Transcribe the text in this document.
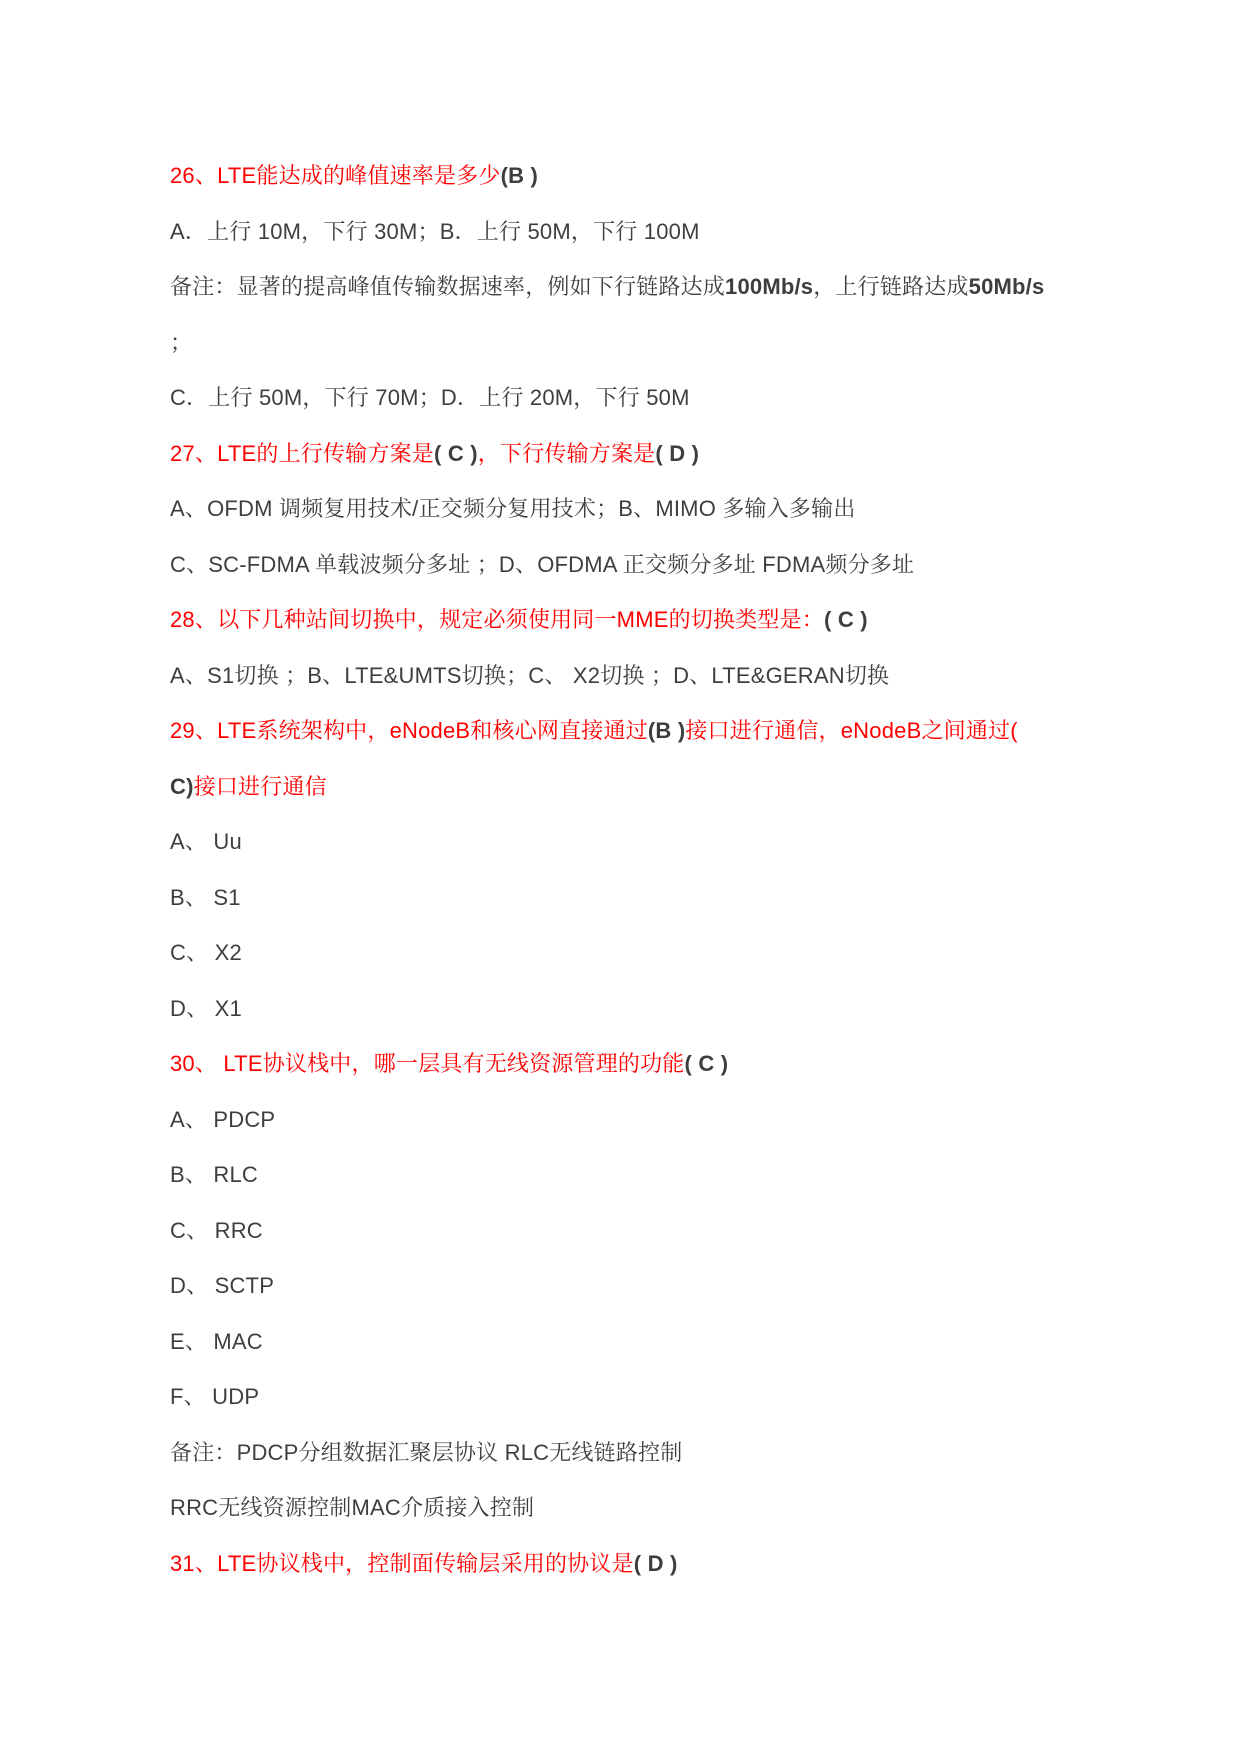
26、LTE能达成的峰值速率是多少(B )
A．上行 10M，下行 30M；B．上行 50M，下行 100M
备注：显著的提高峰值传输数据速率，例如下行链路达成100Mb/s，上行链路达成50Mb/s
；
C．上行 50M，下行 70M；D．上行 20M，下行 50M
27、LTE的上行传输方案是( C )，下行传输方案是( D )
A、OFDM 调频复用技术/正交频分复用技术；B、MIMO 多输入多输出
C、SC-FDMA 单载波频分多址 ；D、OFDMA 正交频分多址 FDMA频分多址
28、以下几种站间切换中，规定必须使用同一MME的切换类型是：( C )
A、S1切换 ；B、LTE&UMTS切换；C、 X2切换 ；D、LTE&GERAN切换
29、LTE系统架构中，eNodeB和核心网直接通过(B )接口进行通信，eNodeB之间通过(
C)接口进行通信
A、 Uu
B、 S1
C、 X2
D、 X1
30、 LTE协议栈中，哪一层具有无线资源管理的功能( C )
A、 PDCP
B、 RLC
C、 RRC
D、 SCTP
E、 MAC
F、 UDP
备注：PDCP分组数据汇聚层协议 RLC无线链路控制
RRC无线资源控制MAC介质接入控制
31、LTE协议栈中，控制面传输层采用的协议是( D )
